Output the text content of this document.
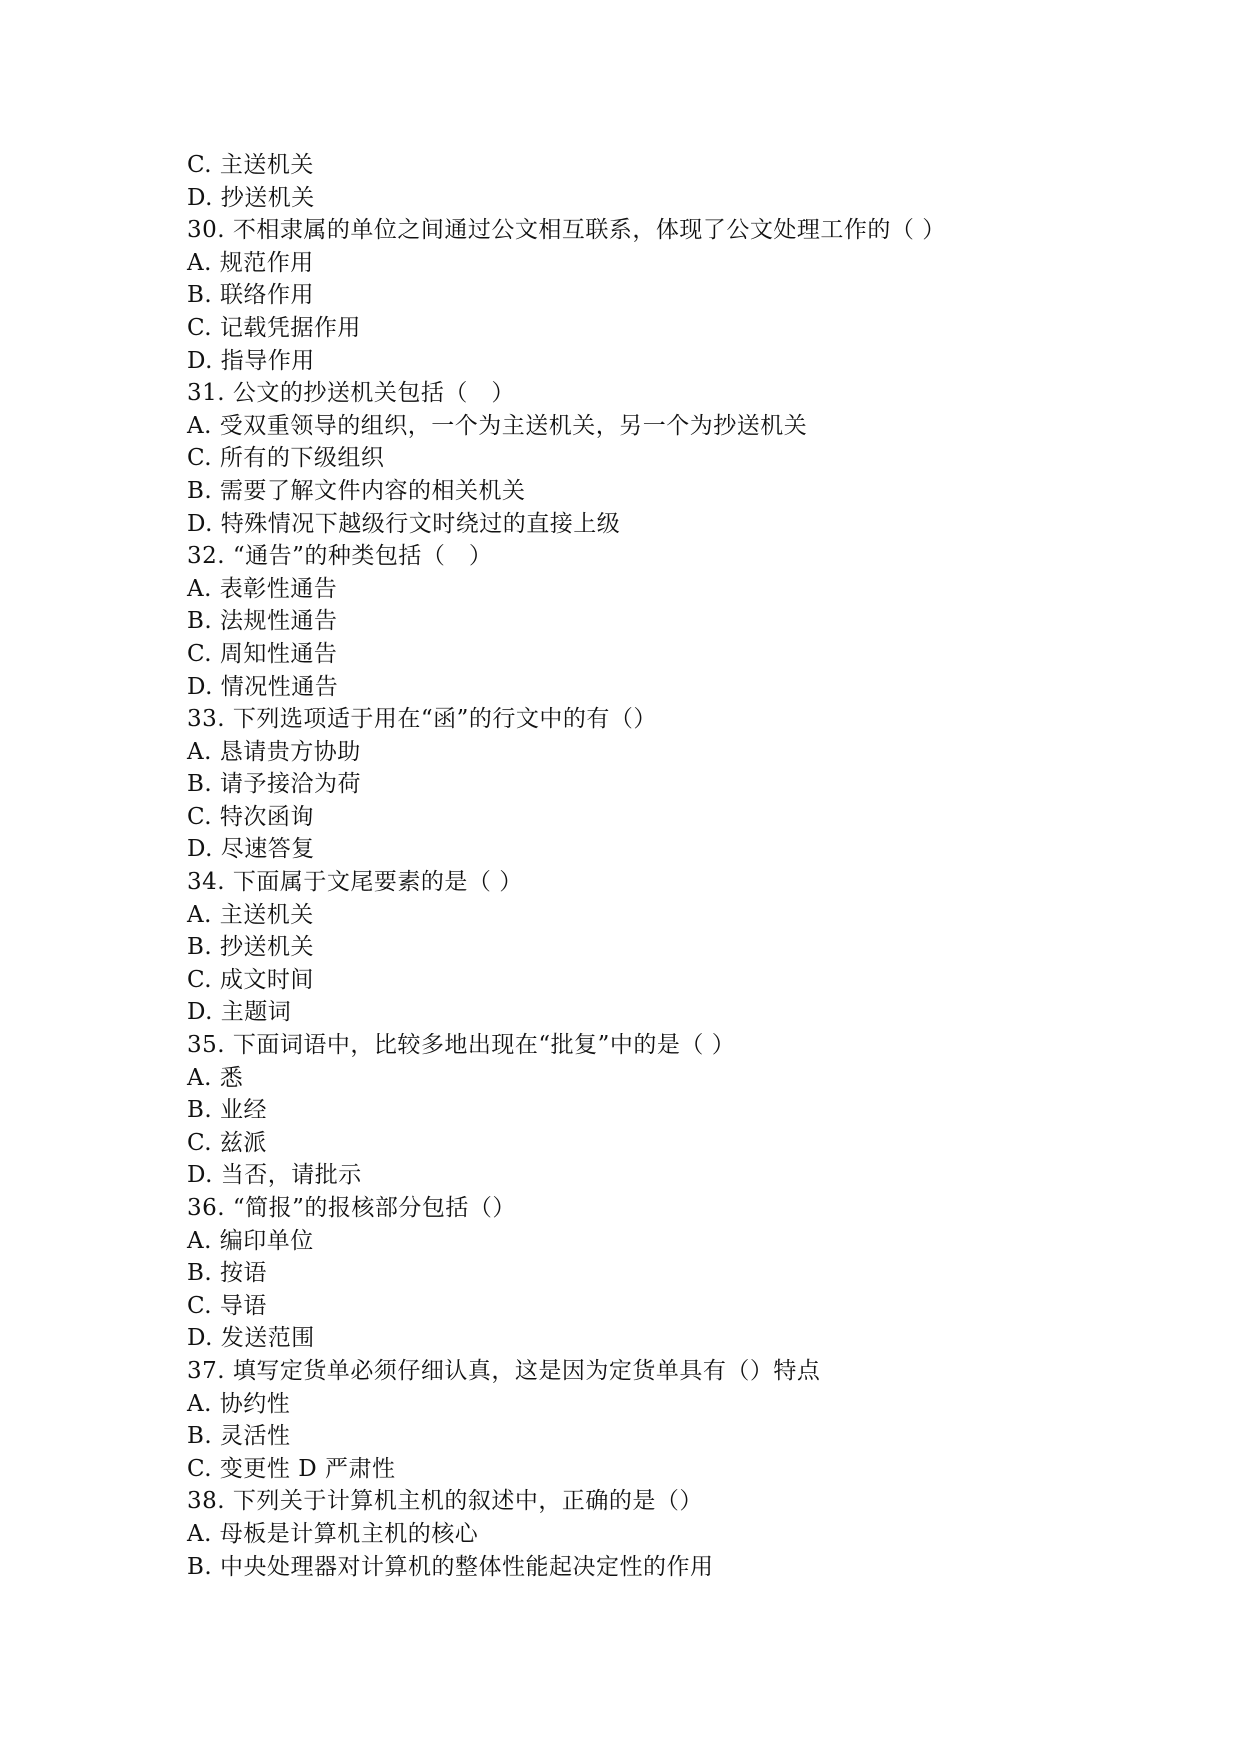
C. 主送机关
D. 抄送机关
30. 不相隶属的单位之间通过公文相互联系，体现了公文处理工作的（ ）
A. 规范作用
B. 联络作用
C. 记载凭据作用
D. 指导作用
31. 公文的抄送机关包括（   ）
A. 受双重领导的组织，一个为主送机关，另一个为抄送机关
C. 所有的下级组织
B. 需要了解文件内容的相关机关
D. 特殊情况下越级行文时绕过的直接上级
32. “通告”的种类包括（   ）
A. 表彰性通告
B. 法规性通告
C. 周知性通告
D. 情况性通告
33. 下列选项适于用在“函”的行文中的有（）
A. 恳请贵方协助
B. 请予接洽为荷
C. 特次函询
D. 尽速答复
34. 下面属于文尾要素的是（ ）
A. 主送机关
B. 抄送机关
C. 成文时间
D. 主题词
35. 下面词语中，比较多地出现在“批复”中的是（ ）
A. 悉
B. 业经
C. 兹派
D. 当否，请批示
36. “简报”的报核部分包括（）
A. 编印单位
B. 按语
C. 导语
D. 发送范围
37. 填写定货单必须仔细认真，这是因为定货单具有（）特点
A. 协约性
B. 灵活性
C. 变更性 D 严肃性
38. 下列关于计算机主机的叙述中，正确的是（）
A. 母板是计算机主机的核心
B. 中央处理器对计算机的整体性能起决定性的作用
